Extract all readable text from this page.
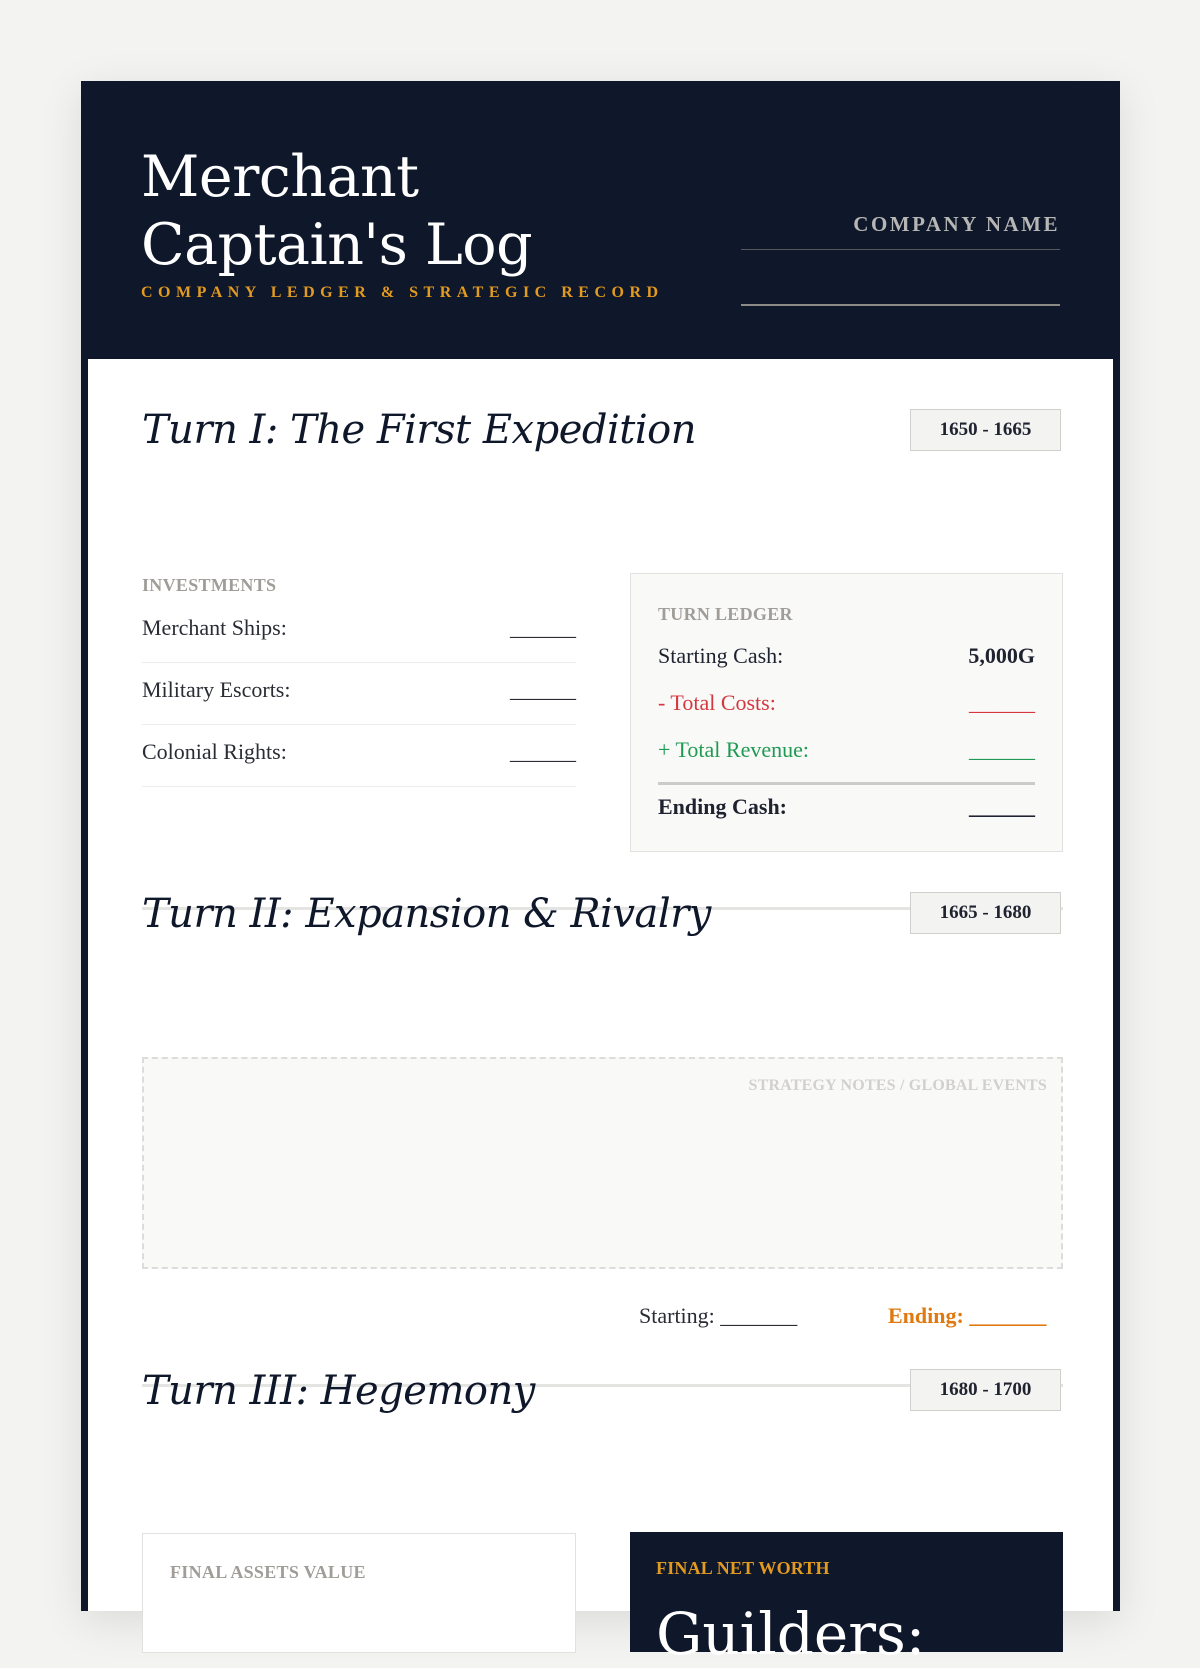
Merchant Captain's Log
COMPANY LEDGER & STRATEGIC RECORD
COMPANY NAME
Turn I: The First Expedition	1650 - 1665
INVESTMENTS
Merchant Ships:	______
Military Escorts:	______
Colonial Rights:	______
TURN LEDGER
Starting Cash:	5,000G
- Total Costs:	______
+ Total Revenue:	______
Ending Cash:	______
Turn II: Expansion & Rivalry	1665 - 1680
STRATEGY NOTES / GLOBAL EVENTS
Starting: _______	Ending: _______
Turn III: Hegemony	1680 - 1700
FINAL ASSETS VALUE	FINAL NET WORTH
Guilders:
